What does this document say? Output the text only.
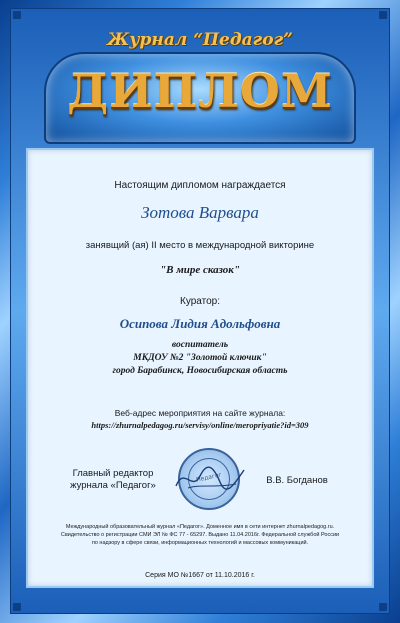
Журнал “Педагог”
ДИПЛОМ
Настоящим дипломом награждается
Зотова Варвара
занявщий (ая) II место в международной викторине
"В мире сказок"
Куратор:
Осипова Лидия Адольфовна
воспитатель
МКДОУ №2 "Золотой ключик"
город Барабинск, Новосибирская область
Веб-адрес мероприятия на сайте журнала:
https://zhurnalpedagog.ru/servisy/online/meropriyatie?id=309
Главный редактор
журнала «Педагог»
Педагог	В.В. Богданов
Международный образовательный журнал «Педагог». Доменное имя в сети интернет zhurnalpedagog.ru.
Свидетельство о регистрации СМИ ЭЛ № ФС 77 - 65297. Выдано 11.04.2016г. Федеральной службой России
по надзору в сфере связи, информационных технологий и массовых коммуникаций.
Серия МО №1667 от 11.10.2016 г.
